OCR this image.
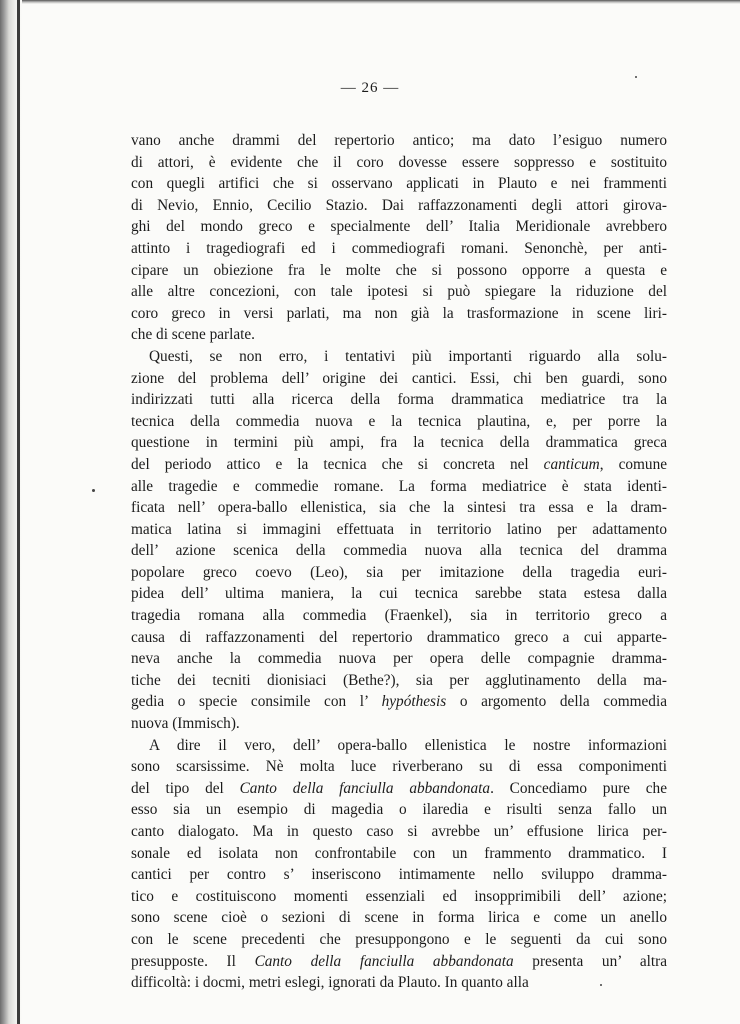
— 26 —
vano anche drammi del repertorio antico; ma dato l’esiguo numero
di attori, è evidente che il coro dovesse essere soppresso e sostituito
con quegli artifici che si osservano applicati in Plauto e nei frammenti
di Nevio, Ennio, Cecilio Stazio. Dai raffazzonamenti degli attori girova-
ghi del mondo greco e specialmente dell’ Italia Meridionale avrebbero
attinto i tragediografi ed i commediografi romani. Senonchè, per anti-
cipare un obiezione fra le molte che si possono opporre a questa e
alle altre concezioni, con tale ipotesi si può spiegare la riduzione del
coro greco in versi parlati, ma non già la trasformazione in scene liri-
che di scene parlate.
Questi, se non erro, i tentativi più importanti riguardo alla solu-
zione del problema dell’ origine dei cantici. Essi, chi ben guardi, sono
indirizzati tutti alla ricerca della forma drammatica mediatrice tra la
tecnica della commedia nuova e la tecnica plautina, e, per porre la
questione in termini più ampi, fra la tecnica della drammatica greca
del periodo attico e la tecnica che si concreta nel canticum, comune
alle tragedie e commedie romane. La forma mediatrice è stata identi-
ficata nell’ opera-ballo ellenistica, sia che la sintesi tra essa e la dram-
matica latina si immagini effettuata in territorio latino per adattamento
dell’ azione scenica della commedia nuova alla tecnica del dramma
popolare greco coevo (Leo), sia per imitazione della tragedia euri-
pidea dell’ ultima maniera, la cui tecnica sarebbe stata estesa dalla
tragedia romana alla commedia (Fraenkel), sia in territorio greco a
causa di raffazzonamenti del repertorio drammatico greco a cui apparte-
neva anche la commedia nuova per opera delle compagnie dramma-
tiche dei tecniti dionisiaci (Bethe?), sia per agglutinamento della ma-
gedia o specie consimile con l’ hypóthesis o argomento della commedia
nuova (Immisch).
A dire il vero, dell’ opera-ballo ellenistica le nostre informazioni
sono scarsissime. Nè molta luce riverberano su di essa componimenti
del tipo del Canto della fanciulla abbandonata. Concediamo pure che
esso sia un esempio di magedia o ilaredia e risulti senza fallo un
canto dialogato. Ma in questo caso si avrebbe un’ effusione lirica per-
sonale ed isolata non confrontabile con un frammento drammatico. I
cantici per contro s’ inseriscono intimamente nello sviluppo dramma-
tico e costituiscono momenti essenziali ed insopprimibili dell’ azione;
sono scene cioè o sezioni di scene in forma lirica e come un anello
con le scene precedenti che presuppongono e le seguenti da cui sono
presupposte. Il Canto della fanciulla abbandonata presenta un’ altra
difficoltà: i docmi, metri eslegi, ignorati da Plauto. In quanto alla
